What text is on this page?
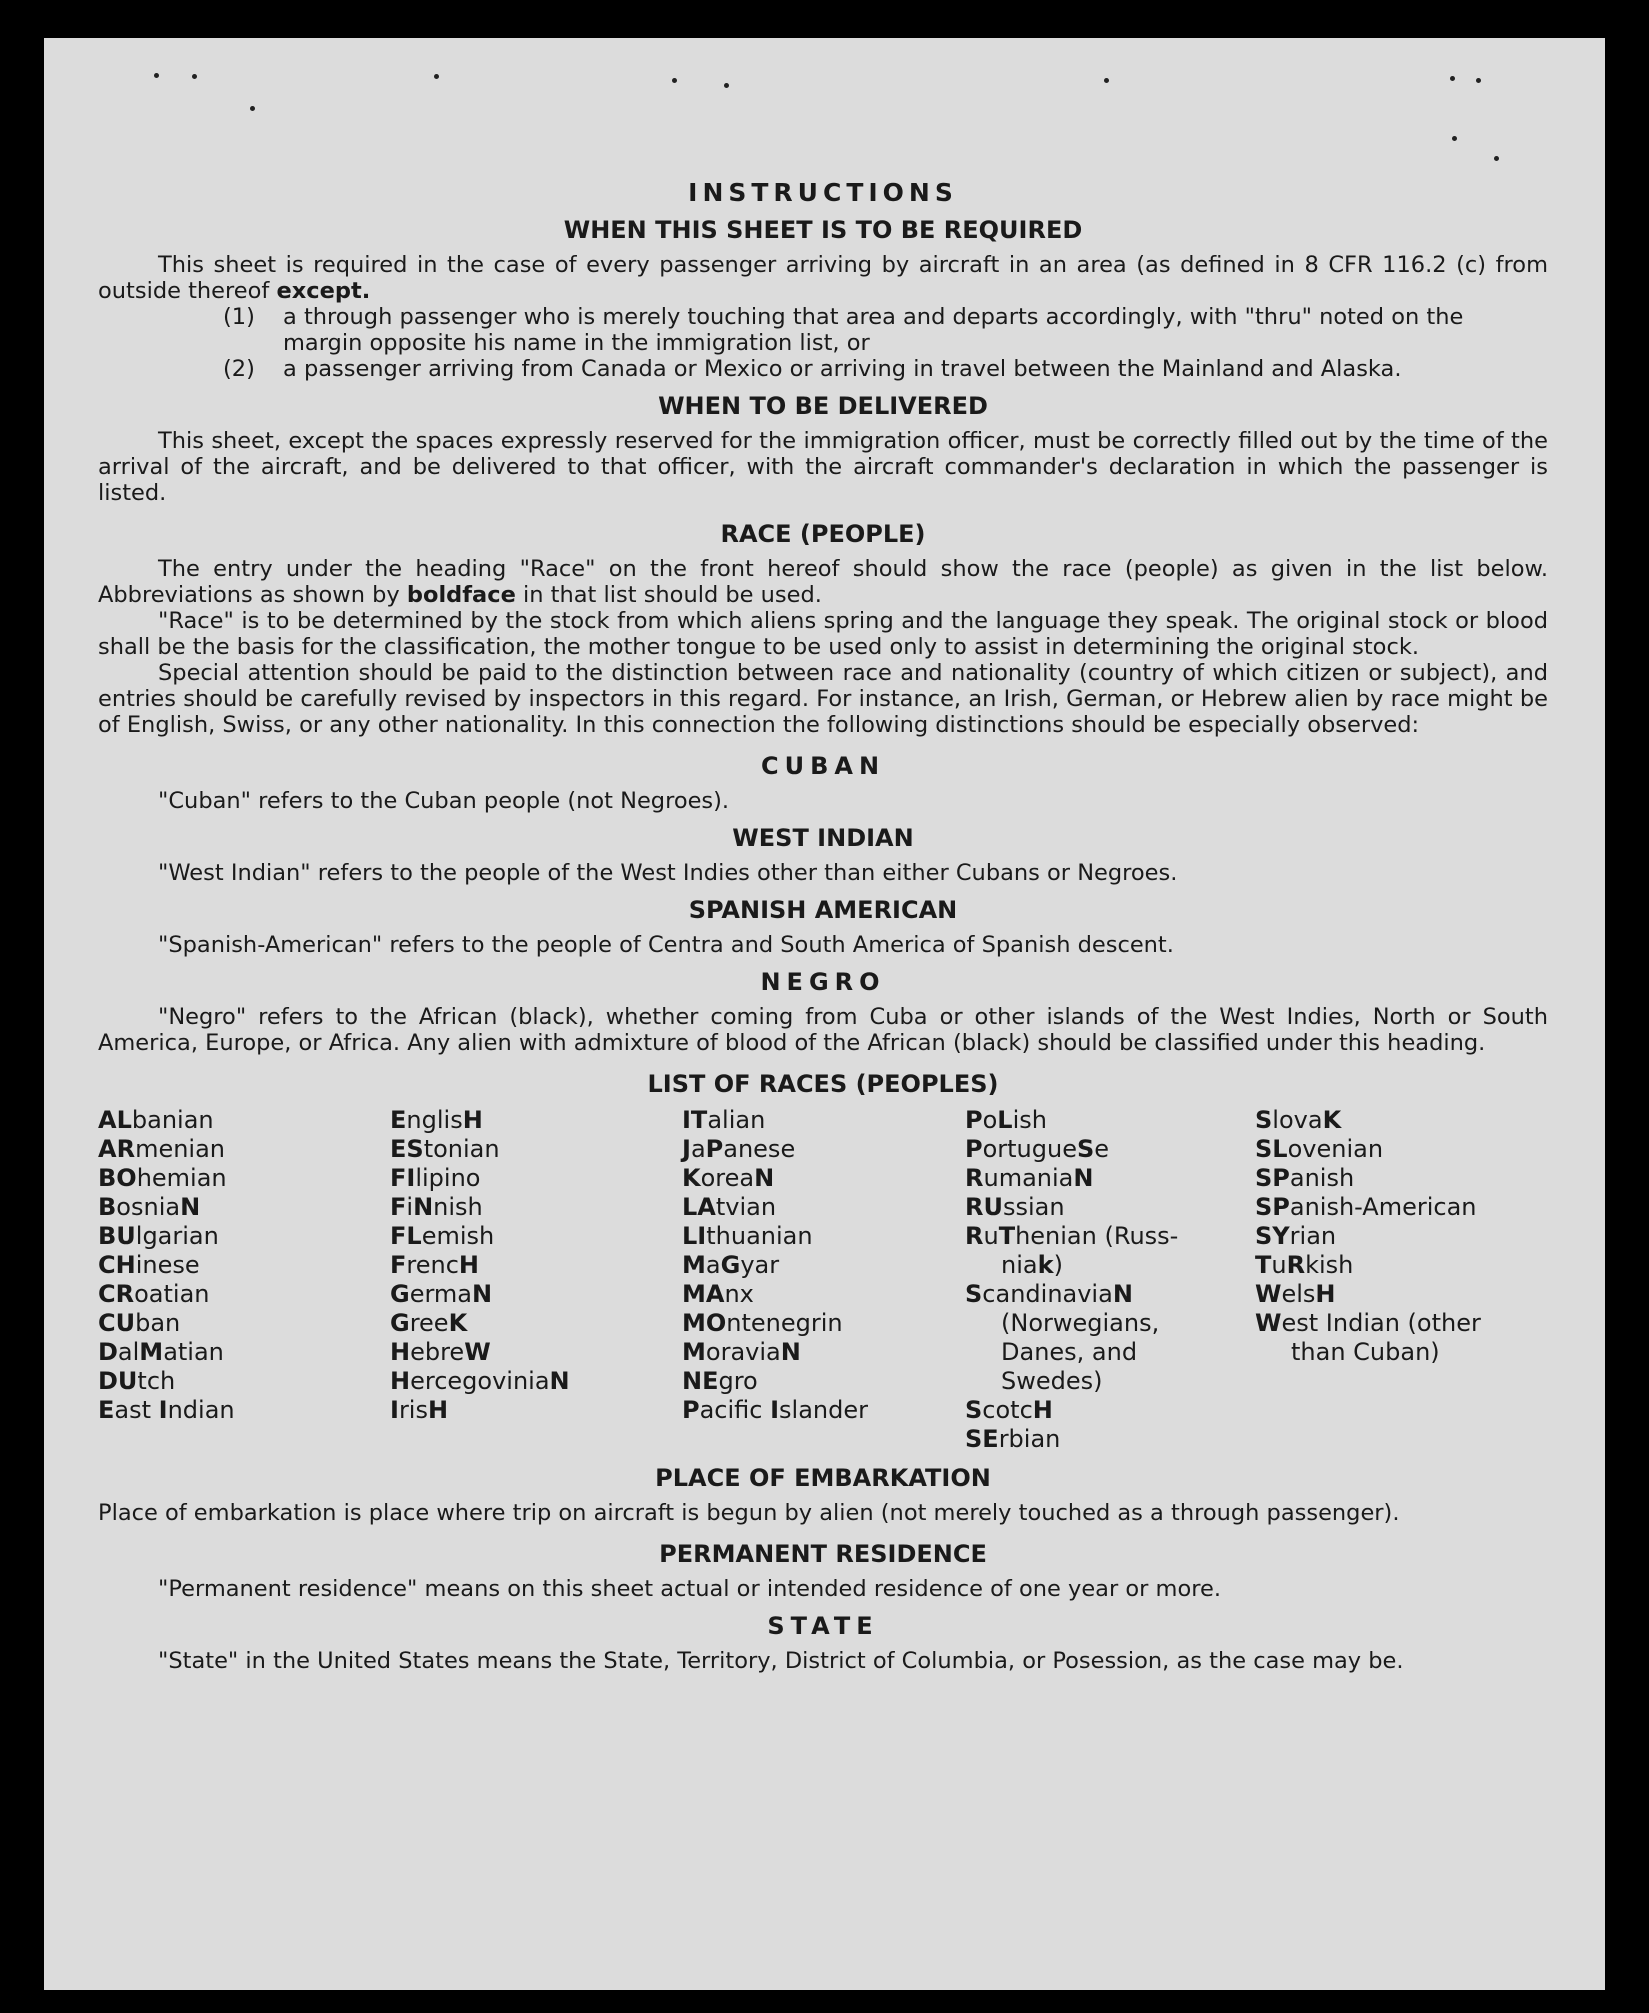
INSTRUCTIONS
WHEN THIS SHEET IS TO BE REQUIRED

This sheet is required in the case of every passenger arriving by aircraft in an area (as defined in 8 CFR 116.2 (c) from outside thereof except.

(1)	a through passenger who is merely touching that area and departs accordingly, with "thru" noted on the margin opposite his name in the immigration list, or
(2)	a passenger arriving from Canada or Mexico or arriving in travel between the Mainland and Alaska.
WHEN TO BE DELIVERED

This sheet, except the spaces expressly reserved for the immigration officer, must be correctly filled out by the time of the arrival of the aircraft, and be delivered to that officer, with the aircraft commander's declaration in which the passenger is listed.

RACE (PEOPLE)

The entry under the heading "Race" on the front hereof should show the race (people) as given in the list below. Abbreviations as shown by boldface in that list should be used.

"Race" is to be determined by the stock from which aliens spring and the language they speak. The original stock or blood shall be the basis for the classification, the mother tongue to be used only to assist in determining the original stock.

Special attention should be paid to the distinction between race and nationality (country of which citizen or subject), and entries should be carefully revised by inspectors in this regard. For instance, an Irish, German, or Hebrew alien by race might be of English, Swiss, or any other nationality. In this connection the following distinctions should be especially observed:

CUBAN

"Cuban" refers to the Cuban people (not Negroes).

WEST INDIAN

"West Indian" refers to the people of the West Indies other than either Cubans or Negroes.

SPANISH AMERICAN

"Spanish-American" refers to the people of Centra and South America of Spanish descent.

NEGRO

"Negro" refers to the African (black), whether coming from Cuba or other islands of the West Indies, North or South America, Europe, or Africa. Any alien with admixture of blood of the African (black) should be classified under this heading.

LIST OF RACES (PEOPLES)
ALbanian
ARmenian
BOhemian
BosniaN
BUlgarian
CHinese
CRoatian
CUban
DalMatian
DUtch
East Indian
EnglisH
EStonian
FIlipino
FiNnish
FLemish
FrencH
GermaN
GreeK
HebreW
HercegoviniaN
IrisH
ITalian
JaPanese
KoreaN
LAtvian
LIthuanian
MaGyar
MAnx
MOntenegrin
MoraviaN
NEgro
Pacific Islander
PoLish
PortugueSe
RumaniaN
RUssian
RuThenian (Russ-
niak)
ScandinaviaN
(Norwegians,
Danes, and
Swedes)
ScotcH
SErbian
SlovaK
SLovenian
SPanish
SPanish-American
SYrian
TuRkish
WelsH
West Indian (other
than Cuban)
PLACE OF EMBARKATION

Place of embarkation is place where trip on aircraft is begun by alien (not merely touched as a through passenger).

PERMANENT RESIDENCE

"Permanent residence" means on this sheet actual or intended residence of one year or more.

STATE

"State" in the United States means the State, Territory, District of Columbia, or Posession, as the case may be.
